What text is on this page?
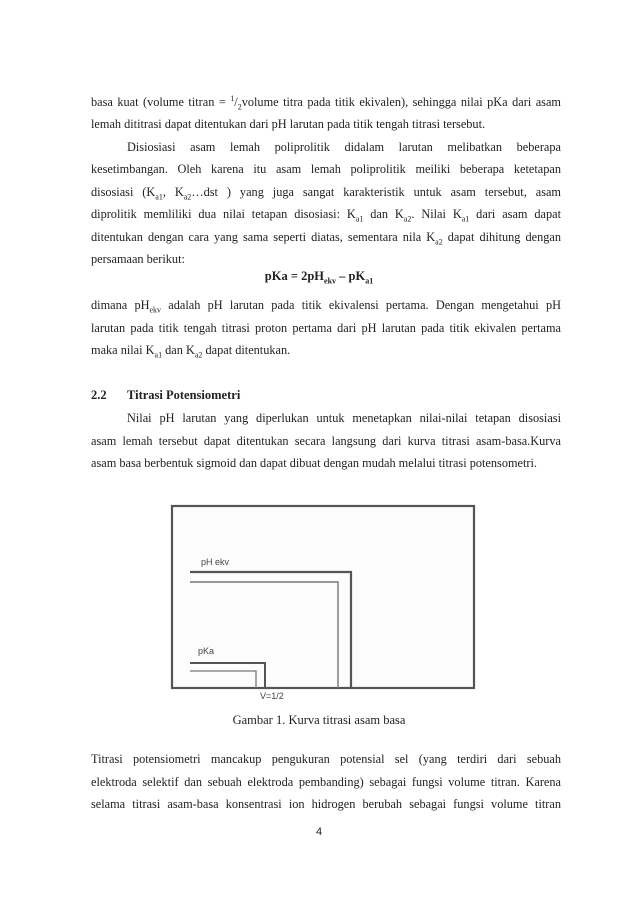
basa kuat (volume titran = $^1/_2volume$ titra pada titik ekivalen), sehingga nilai pKa dari asam
lemah dititrasi dapat ditentukan dari pH larutan pada titik tengah titrasi tersebut.
Disiosiasi asam lemah poliprolitik didalam larutan melibatkan beberapa
kesetimbangan. Oleh karena itu asam lemah poliprolitik meiliki beberapa ketetapan
disosiasi ($K_{a1}$, $K_{a2}\dots dst$ ) yang juga sangat karakteristik untuk asam tersebut, asam
diprolitik memliliki dua nilai tetapan disosiasi: $K_{a1}$ dan $K_{a2}$. Nilai $K_{a1}$ dari asam dapat
ditentukan dengan cara yang sama seperti diatas, sementara nila $K_{a2}$ dapat dihitung dengan
persamaan berikut:
pKa = $2pH_{ekv} - pK_{a1}$
dimana $pH_{ekv}$ adalah pH larutan pada titik ekivalensi pertama. Dengan mengetahui pH
larutan pada titik tengah titrasi proton pertama dari pH larutan pada titik ekivalen pertama
maka nilai $K_{a1}$ dan $K_{a2}$ dapat ditentukan.
2.2 Titrasi Potensiometri
Nilai pH larutan yang diperlukan untuk menetapkan nilai-nilai tetapan disosiasi
asam lemah tersebut dapat ditentukan secara langsung dari kurva titrasi asam-basa.Kurva
asam basa berbentuk sigmoid dan dapat dibuat dengan mudah melalui titrasi potensometri.
pH ekv
pKa
V=1/2
Gambar 1. Kurva titrasi asam basa
Titrasi potensiometri mancakup pengukuran potensial sel (yang terdiri dari sebuah
elektroda selektif dan sebuah elektroda pembanding) sebagai fungsi volume titran. Karena
selama titrasi asam-basa konsentrasi ion hidrogen berubah sebagai fungsi volume titran
4
